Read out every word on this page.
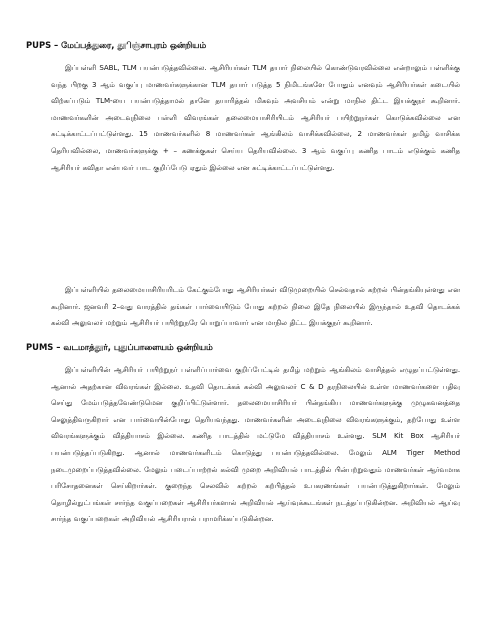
PUPS – மேப்பத்துரை, தூிஞ்சாபுரம் ஒன்றியம்
இப்பள்ளி SABL, TLM பயன்படுத்தவில்லை. ஆசிரியர்கள் TLM தயார் நிலையில் கொண்டுவரவில்லை என்றாலும் பள்ளிக்கு வந்த பிறகு 3 ஆம் வகுப்பு மாணவர்களுக்கான TLM தயார் படுத்த 5 நிமிடங்களே போதும் எனவும் ஆசிரியர்கள் கடையில் விற்கப்படும் TLM-யை பயன்படுத்தாமல் தானே தயாரித்தல் மிகவும் அவசியம் என்று மாநில திட்ட இயக்குநர் கூறினார். மாணவர்களின் அடைவுநிலை பள்ளி விவரங்கள் தலைமையாசிரியிடம் ஆசிரியர் பயிற்றுநர்கள் கொடுக்கவில்லை என சுட்டிக்காட்டப்பட்டுள்ளது. 15 மாணவர்களில் 8 மாணவர்கள் ஆங்கிலம் வாசிக்கவில்லை, 2 மாணவர்கள் தமிழ் வாசிக்க தெரியவில்லை, மாணவர்களுக்கு + – கணக்குகள் செய்ய தெரியவில்லை. 3 ஆம் வகுப்பு கணித பாடம் எடுக்கும் கணித ஆசிரியர் கவிதா என்பவர் பாட குறிப்பேடு ஏதும் இல்லை என சுட்டிக்காட்டப்பட்டுள்ளது.
இப்பள்ளியில் தலைமையாசிரியரிடம் கேட்கும்போது ஆசிரியர்கள் விடுமுறையில் செல்வதால் கற்றல் பின்தங்கியுள்ளது என கூறினார். ஜனவரி 2–வது வாரத்தில் தங்கள் பார்வையிடும் போது கற்றல் நிலை இதே நிலையில் இருந்தால் உதவி தொடக்கக் கல்வி அலுவலர் மற்றும் ஆசிரியர் பயிற்றுநரே பொறுப்பாவார் என மாநில திட்ட இயக்குநர் கூறினார்.
PUMS – வடமாத்தூர், புதுப்பாளையம் ஒன்றியம்
இப்பள்ளியின் ஆசிரியர் பயிற்றுநர் பள்ளிப்பார்வை குறிப்பேட்டில் தமிழ் மற்றும் ஆங்கிலம் வாசித்தல் எழுதப்பட்டுள்ளது. ஆனால் அதற்கான விவரங்கள் இல்லை. உதவி தொடக்கக் கல்வி அலுவலர் C & D தரநிலையில் உள்ள மாணவர்களை பதிவு செய்து மேம்படுத்தவேண்டுமென குறிப்பிட்டுள்ளார். தலைமையாசிரியர் பின்தங்கிய மாணவர்களுக்கு முழுகவனத்தை செலுத்திவருகிறார் என பார்வையின்போது தெரியவந்தது. மாணவர்களின் அடைவுநிலை விவரங்களுக்கும், தற்போது உள்ள விவரங்களுக்கும் வித்தியாசம் இல்லை. கணித பாடத்தில் மட்டுமே வித்தியாசம் உள்ளது. SLM Kit Box ஆசிரியர் பயன்படுத்தப்படுகிறது. ஆனால் மாணவர்களிடம் கொடுத்து பயன்படுத்தவில்லை. மேலும் ALM Tiger Method நடைமுறைப்படுத்தவில்லை. மேலும் படைப்பாற்றல் கல்வி முறை அறிவியல் பாடத்தில் பின்பற்றுவதும் மாணவர்கள் ஆர்வமாக பரிசோதனைகள் செய்கிறார்கள். குறைந்த செலவில் கற்றல் கற்பித்தல் உபகரணங்கள் பயன்படுத்துகிறார்கள். மேலும் தொழில்நுட்பங்கள் சார்ந்த வகுப்பறைகள் ஆசிரியர்களால் அறிவியல் ஆய்வுக்கூடங்கள் நடத்தப்படுகின்றன. அறிவியல் ஆய்வு சார்ந்த வகுப்பறைகள் அறிவியல் ஆசிரியரால் பராமரிக்கப்படுகின்றன.
